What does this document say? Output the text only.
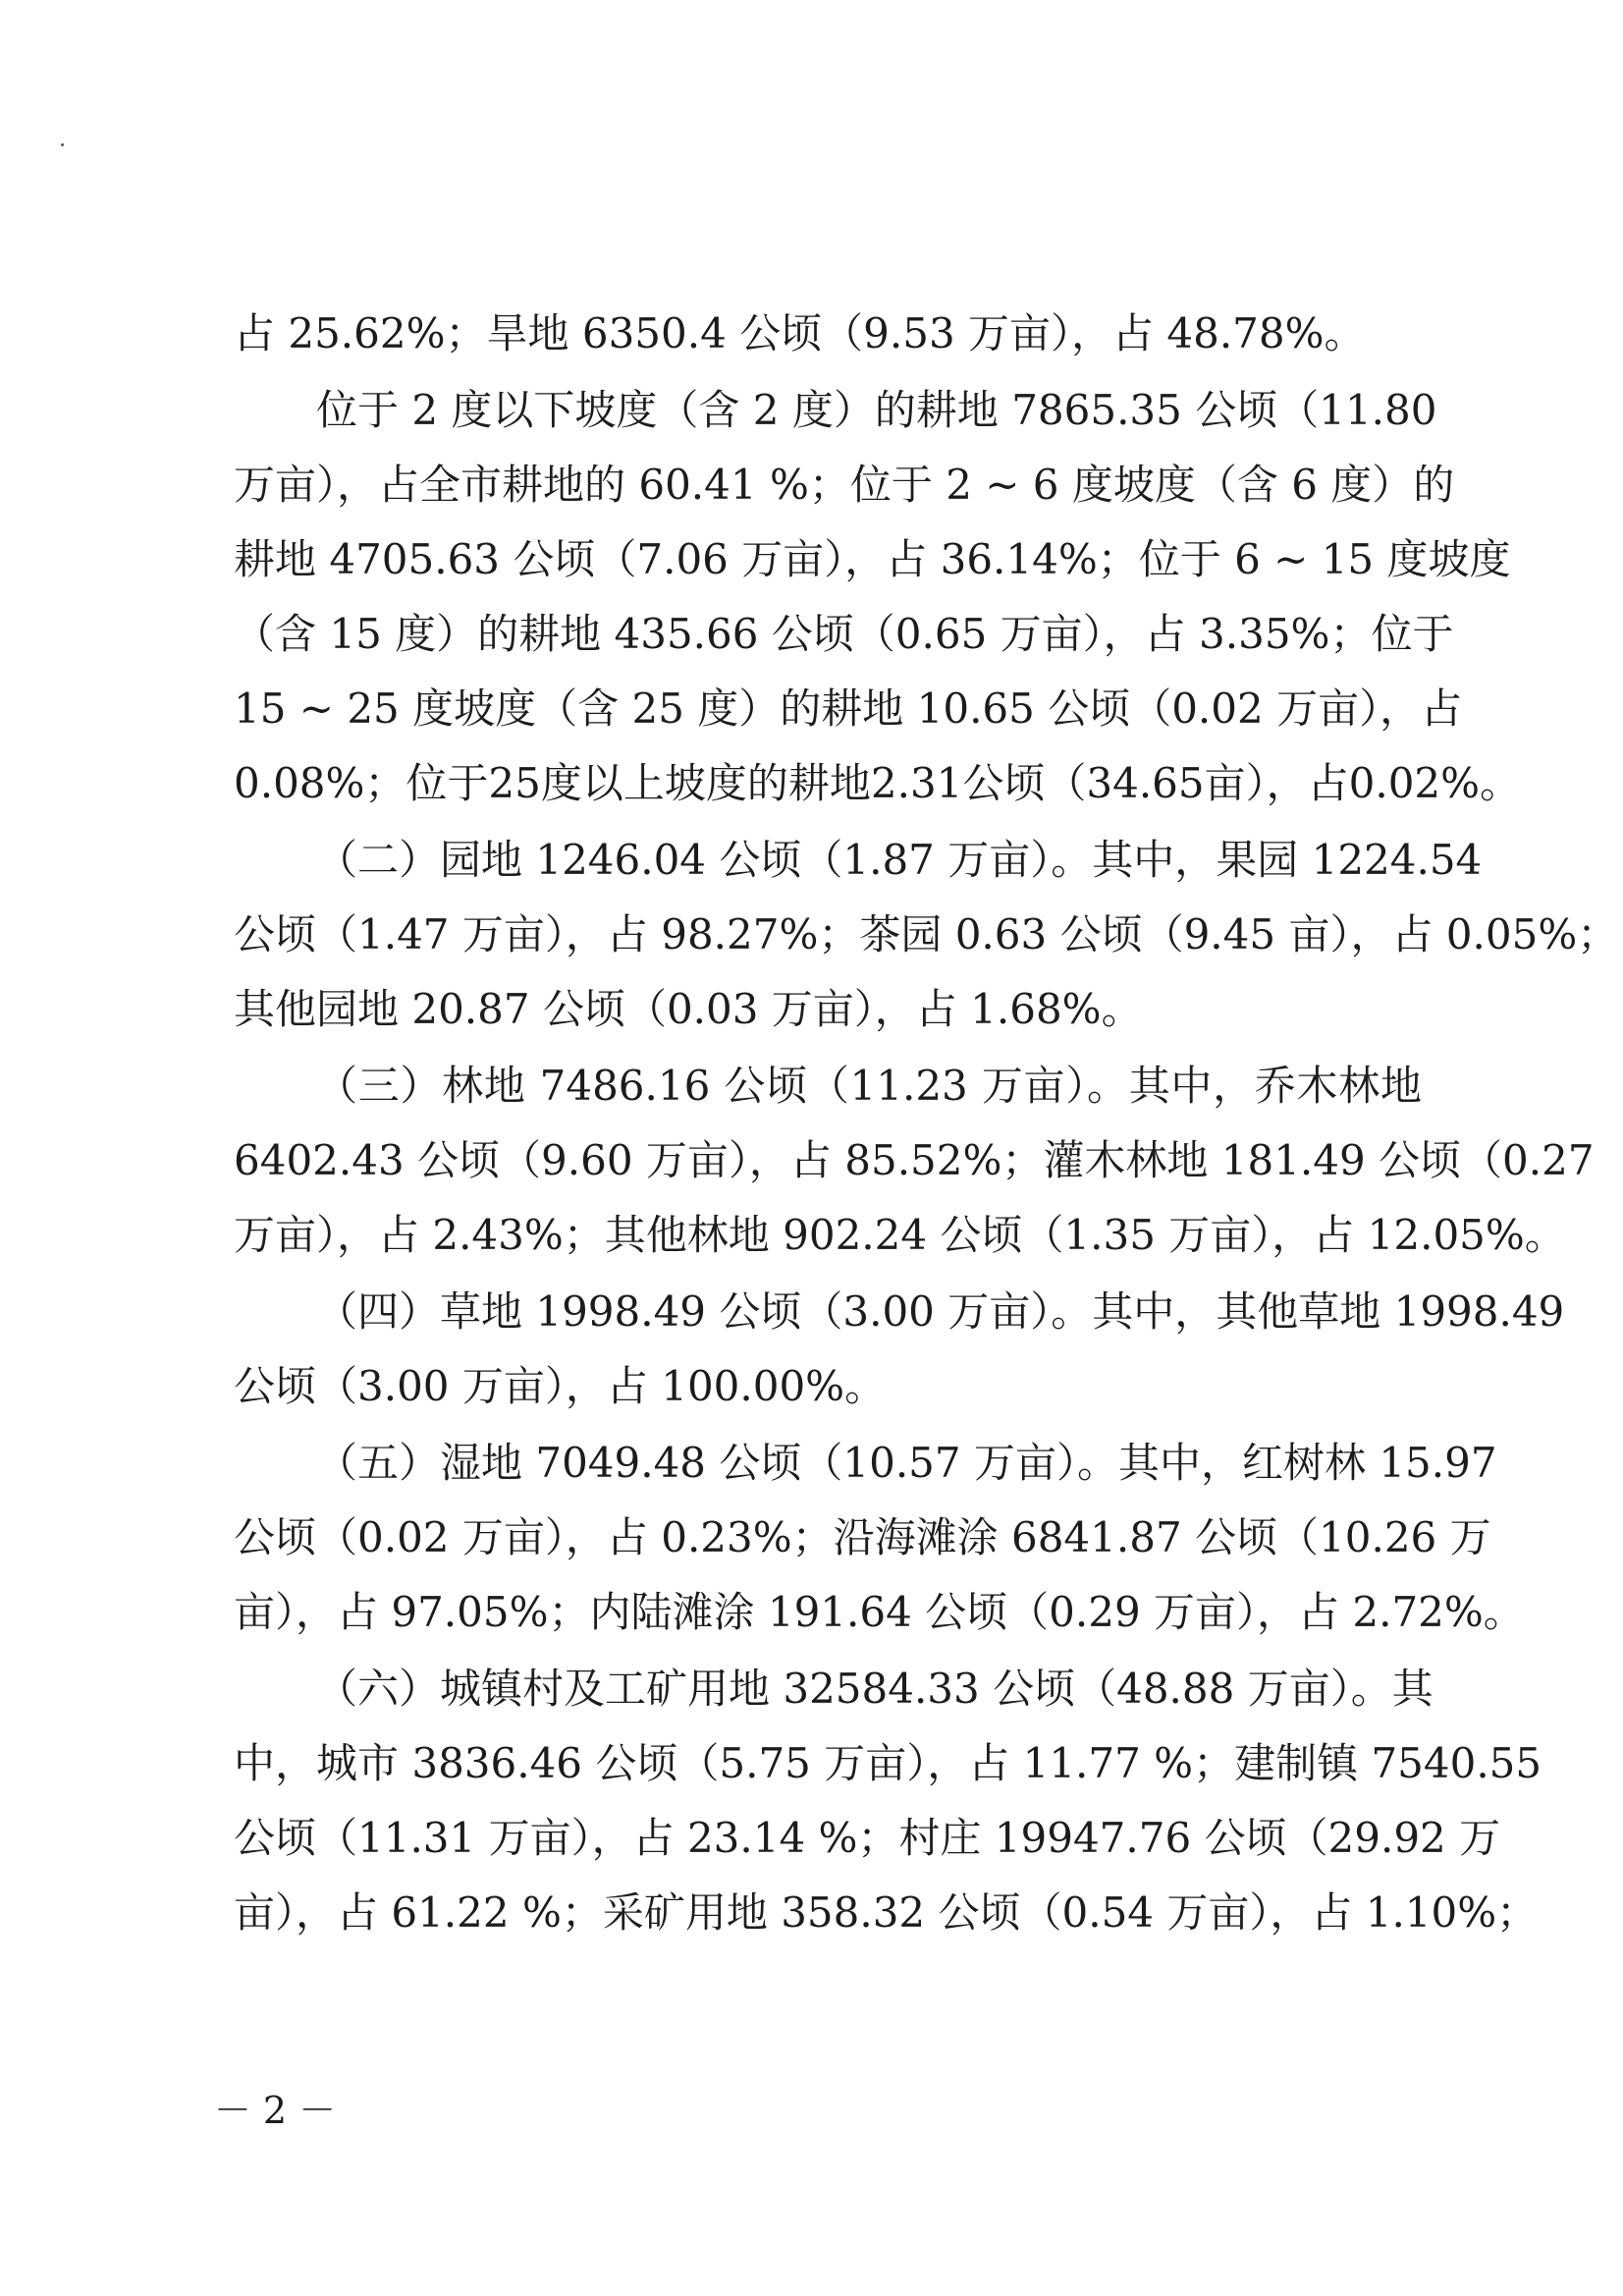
占 25.62%；旱地 6350.4 公顷（9.53 万亩），占 48.78%。
位于 2 度以下坡度（含 2 度）的耕地 7865.35 公顷（11.80
万亩），占全市耕地的 60.41 %；位于 2 ~ 6 度坡度（含 6 度）的
耕地 4705.63 公顷（7.06 万亩），占 36.14%；位于 6 ~ 15 度坡度
（含 15 度）的耕地 435.66 公顷（0.65 万亩），占 3.35%；位于
15 ~ 25 度坡度（含 25 度）的耕地 10.65 公顷（0.02 万亩），占
0.08%；位于25度以上坡度的耕地2.31公顷（34.65亩），占0.02%。
（二）园地 1246.04 公顷（1.87 万亩）。其中，果园 1224.54
公顷（1.47 万亩），占 98.27%；茶园 0.63 公顷（9.45 亩），占 0.05%；
其他园地 20.87 公顷（0.03 万亩），占 1.68%。
（三）林地 7486.16 公顷（11.23 万亩）。其中，乔木林地
6402.43 公顷（9.60 万亩），占 85.52%；灌木林地 181.49 公顷（0.27
万亩），占 2.43%；其他林地 902.24 公顷（1.35 万亩），占 12.05%。
（四）草地 1998.49 公顷（3.00 万亩）。其中，其他草地 1998.49
公顷（3.00 万亩），占 100.00%。
（五）湿地 7049.48 公顷（10.57 万亩）。其中，红树林 15.97
公顷（0.02 万亩），占 0.23%；沿海滩涂 6841.87 公顷（10.26 万
亩），占 97.05%；内陆滩涂 191.64 公顷（0.29 万亩），占 2.72%。
（六）城镇村及工矿用地 32584.33 公顷（48.88 万亩）。其
中，城市 3836.46 公顷（5.75 万亩），占 11.77 %；建制镇 7540.55
公顷（11.31 万亩），占 23.14 %；村庄 19947.76 公顷（29.92 万
亩），占 61.22 %；采矿用地 358.32 公顷（0.54 万亩），占 1.10%；
－ 2 －
